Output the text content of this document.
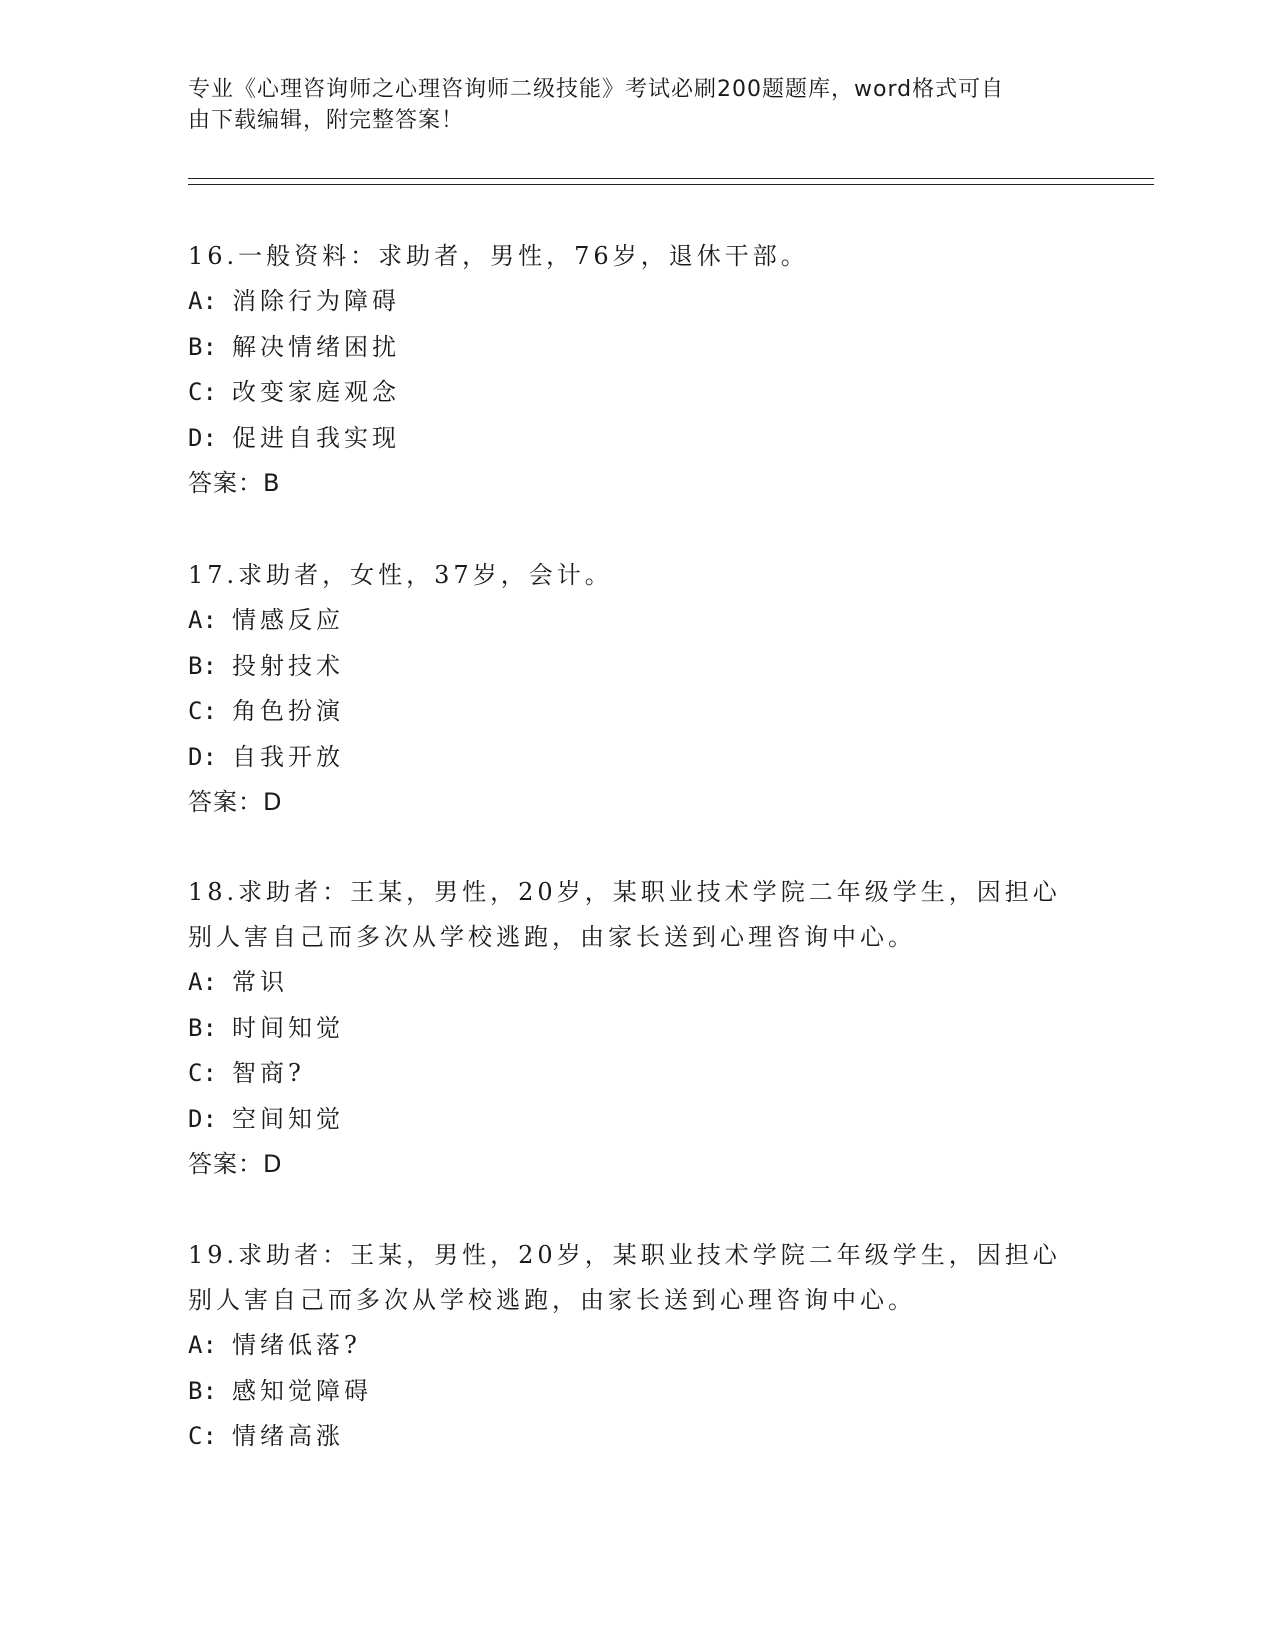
专业《心理咨询师之心理咨询师二级技能》考试必刷200题题库，word格式可自
由下载编辑，附完整答案！
16.一般资料：求助者，男性，76岁，退休干部。
A: 消除行为障碍
B: 解决情绪困扰
C: 改变家庭观念
D: 促进自我实现
答案：B
17.求助者，女性，37岁，会计。
A: 情感反应
B: 投射技术
C: 角色扮演
D: 自我开放
答案：D
18.求助者：王某，男性，20岁，某职业技术学院二年级学生，因担心
别人害自己而多次从学校逃跑，由家长送到心理咨询中心。
A: 常识
B: 时间知觉
C: 智商?
D: 空间知觉
答案：D
19.求助者：王某，男性，20岁，某职业技术学院二年级学生，因担心
别人害自己而多次从学校逃跑，由家长送到心理咨询中心。
A: 情绪低落?
B: 感知觉障碍
C: 情绪高涨
